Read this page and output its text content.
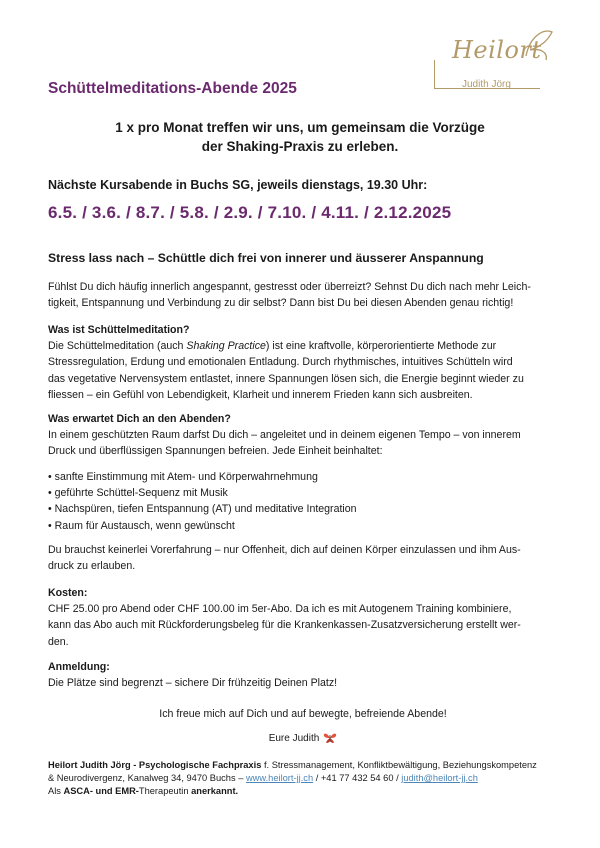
Heilort
Judith Jörg
Schüttelmeditations-Abende 2025
1 x pro Monat treffen wir uns, um gemeinsam die Vorzüge
der Shaking-Praxis zu erleben.
Nächste Kursabende in Buchs SG, jeweils dienstags, 19.30 Uhr:
6.5. / 3.6. / 8.7. / 5.8. / 2.9. / 7.10. / 4.11. / 2.12.2025
Stress lass nach – Schüttle dich frei von innerer und äusserer Anspannung

Fühlst Du dich häufig innerlich angespannt, gestresst oder überreizt? Sehnst Du dich nach mehr Leich-

tigkeit, Entspannung und Verbindung zu dir selbst? Dann bist Du bei diesen Abenden genau richtig!

Was ist Schüttelmeditation?

Die Schüttelmeditation (auch Shaking Practice) ist eine kraftvolle, körperorientierte Methode zur

Stressregulation, Erdung und emotionalen Entladung. Durch rhythmisches, intuitives Schütteln wird

das vegetative Nervensystem entlastet, innere Spannungen lösen sich, die Energie beginnt wieder zu

fliessen – ein Gefühl von Lebendigkeit, Klarheit und innerem Frieden kann sich ausbreiten.

Was erwartet Dich an den Abenden?

In einem geschützten Raum darfst Du dich – angeleitet und in deinem eigenen Tempo – von innerem

Druck und überflüssigen Spannungen befreien. Jede Einheit beinhaltet:

• sanfte Einstimmung mit Atem- und Körperwahrnehmung

• geführte Schüttel-Sequenz mit Musik

• Nachspüren, tiefen Entspannung (AT) und meditative Integration

• Raum für Austausch, wenn gewünscht

Du brauchst keinerlei Vorerfahrung – nur Offenheit, dich auf deinen Körper einzulassen und ihm Aus-

druck zu erlauben.

Kosten:

CHF 25.00 pro Abend oder CHF 100.00 im 5er-Abo. Da ich es mit Autogenem Training kombiniere,

kann das Abo auch mit Rückforderungsbeleg für die Krankenkassen-Zusatzversicherung erstellt wer-

den.

Anmeldung:

Die Plätze sind begrenzt – sichere Dir frühzeitig Deinen Platz!

Ich freue mich auf Dich und auf bewegte, befreiende Abende!

Eure Judith
Heilort Judith Jörg - Psychologische Fachpraxis f. Stressmanagement, Konfliktbewältigung, Beziehungskompetenz
& Neurodivergenz, Kanalweg 34, 9470 Buchs – www.heilort-jj.ch / +41 77 432 54 60 / judith@heilort-jj.ch
Als ASCA- und EMR-Therapeutin anerkannt.
